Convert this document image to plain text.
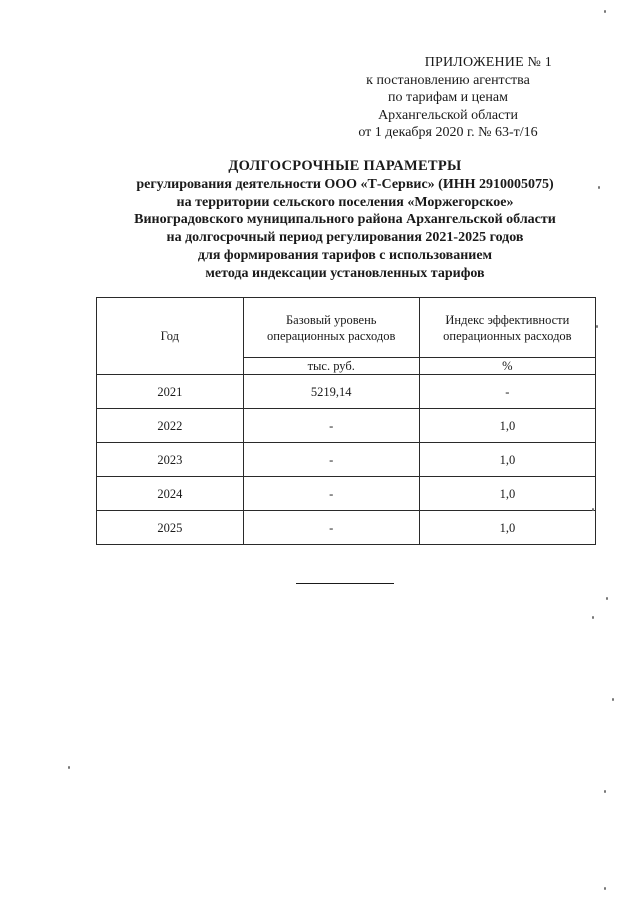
ПРИЛОЖЕНИЕ № 1
к постановлению агентства
по тарифам и ценам
Архангельской области
от 1 декабря 2020 г. № 63-т/16
ДОЛГОСРОЧНЫЕ ПАРАМЕТРЫ
регулирования деятельности ООО «Т-Сервис» (ИНН 2910005075)
на территории сельского поселения «Моржегорское»
Виноградовского муниципального района Архангельской области
на долгосрочный период регулирования 2021-2025 годов
для формирования тарифов с использованием
метода индексации установленных тарифов
Год	Базовый уровень операционных расходов	Индекс эффективности операционных расходов
	тыс. руб.	%
2021	5219,14	-
2022	-	1,0
2023	-	1,0
2024	-	1,0
2025	-	1,0
